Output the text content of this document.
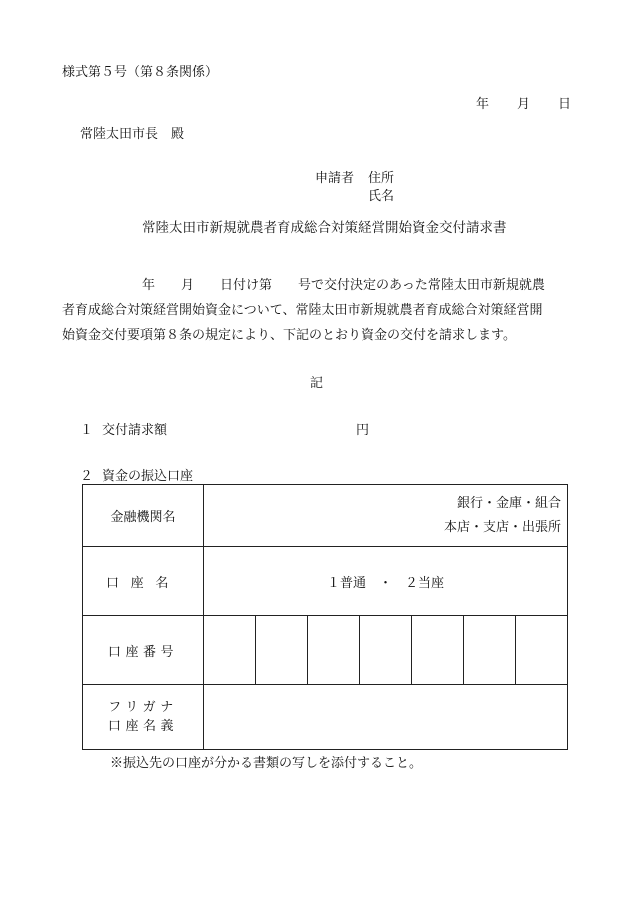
様式第５号（第８条関係）
年 月 日
常陸太田市長　殿
申請者 住所
氏名
常陸太田市新規就農者育成総合対策経営開始資金交付請求書
年　　月　　日付け第　　号で交付決定のあった常陸太田市新規就農
者育成総合対策経営開始資金について、常陸太田市新規就農者育成総合対策経営開
始資金交付要項第８条の規定により、下記のとおり資金の交付を請求します。
記
１ 交付請求額	円
２ 資金の振込口座
金融機関名	銀行・金庫・組合
本店・支店・出張所						

口座名	１普通　・　２当座						
口座番号							

フリガナ
口座名義							

※振込先の口座が分かる書類の写しを添付すること。
